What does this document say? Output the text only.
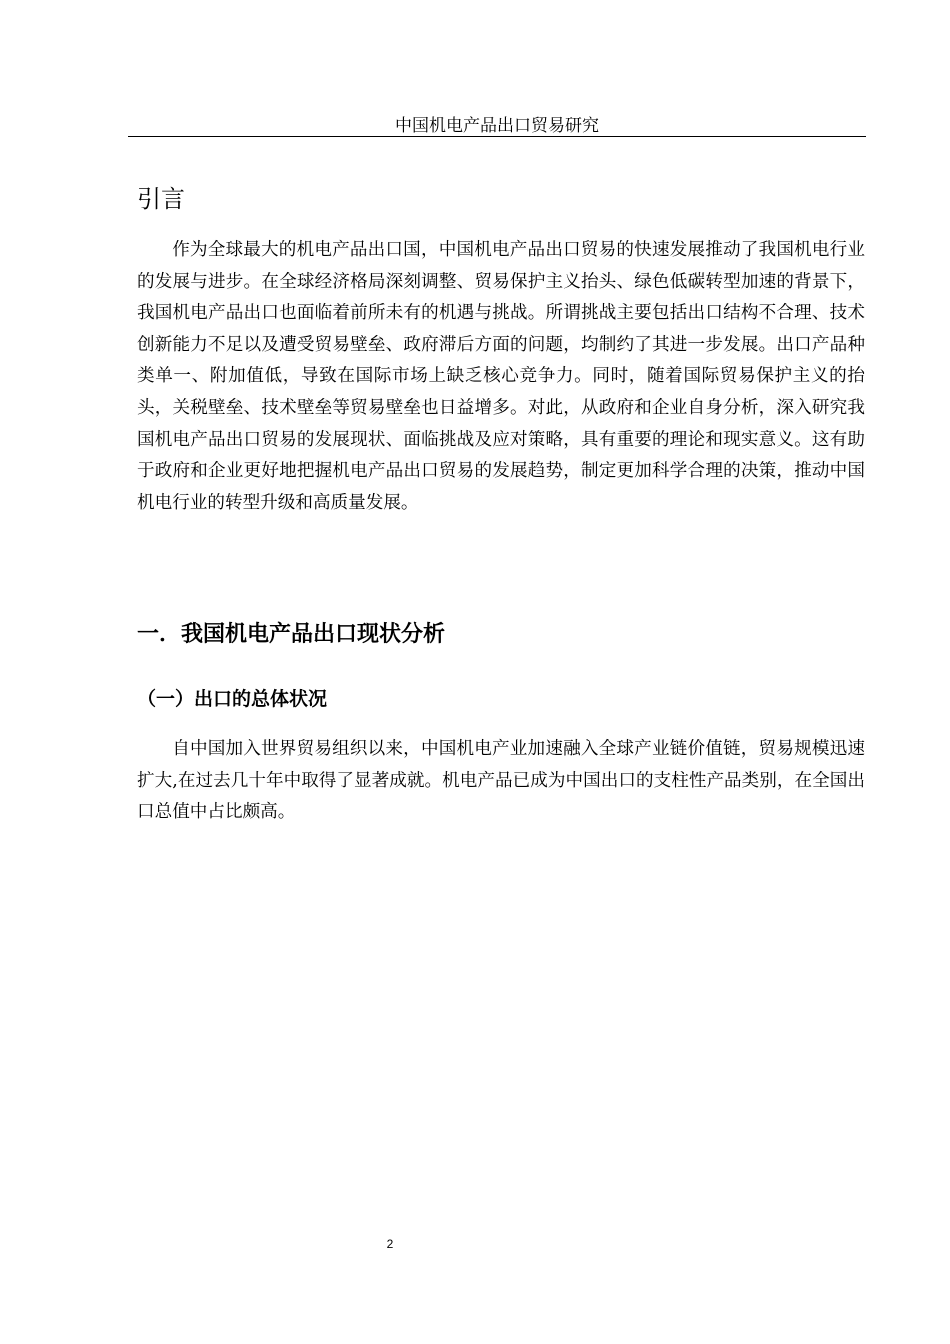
中国机电产品出口贸易研究
引言

作为全球最大的机电产品出口国，中国机电产品出口贸易的快速发展推动了我国机电行业的发展与进步。在全球经济格局深刻调整、贸易保护主义抬头、绿色低碳转型加速的背景下，我国机电产品出口也面临着前所未有的机遇与挑战。所谓挑战主要包括出口结构不合理、技术创新能力不足以及遭受贸易壁垒、政府滞后方面的问题，均制约了其进一步发展。出口产品种类单一、附加值低，导致在国际市场上缺乏核心竞争力。同时，随着国际贸易保护主义的抬头，关税壁垒、技术壁垒等贸易壁垒也日益增多。对此，从政府和企业自身分析，深入研究我国机电产品出口贸易的发展现状、面临挑战及应对策略，具有重要的理论和现实意义。这有助于政府和企业更好地把握机电产品出口贸易的发展趋势，制定更加科学合理的决策，推动中国机电行业的转型升级和高质量发展。

一．我国机电产品出口现状分析
（一）出口的总体状况

自中国加入世界贸易组织以来，中国机电产业加速融入全球产业链价值链，贸易规模迅速扩大,在过去几十年中取得了显著成就。机电产品已成为中国出口的支柱性产品类别，在全国出口总值中占比颇高。

2
